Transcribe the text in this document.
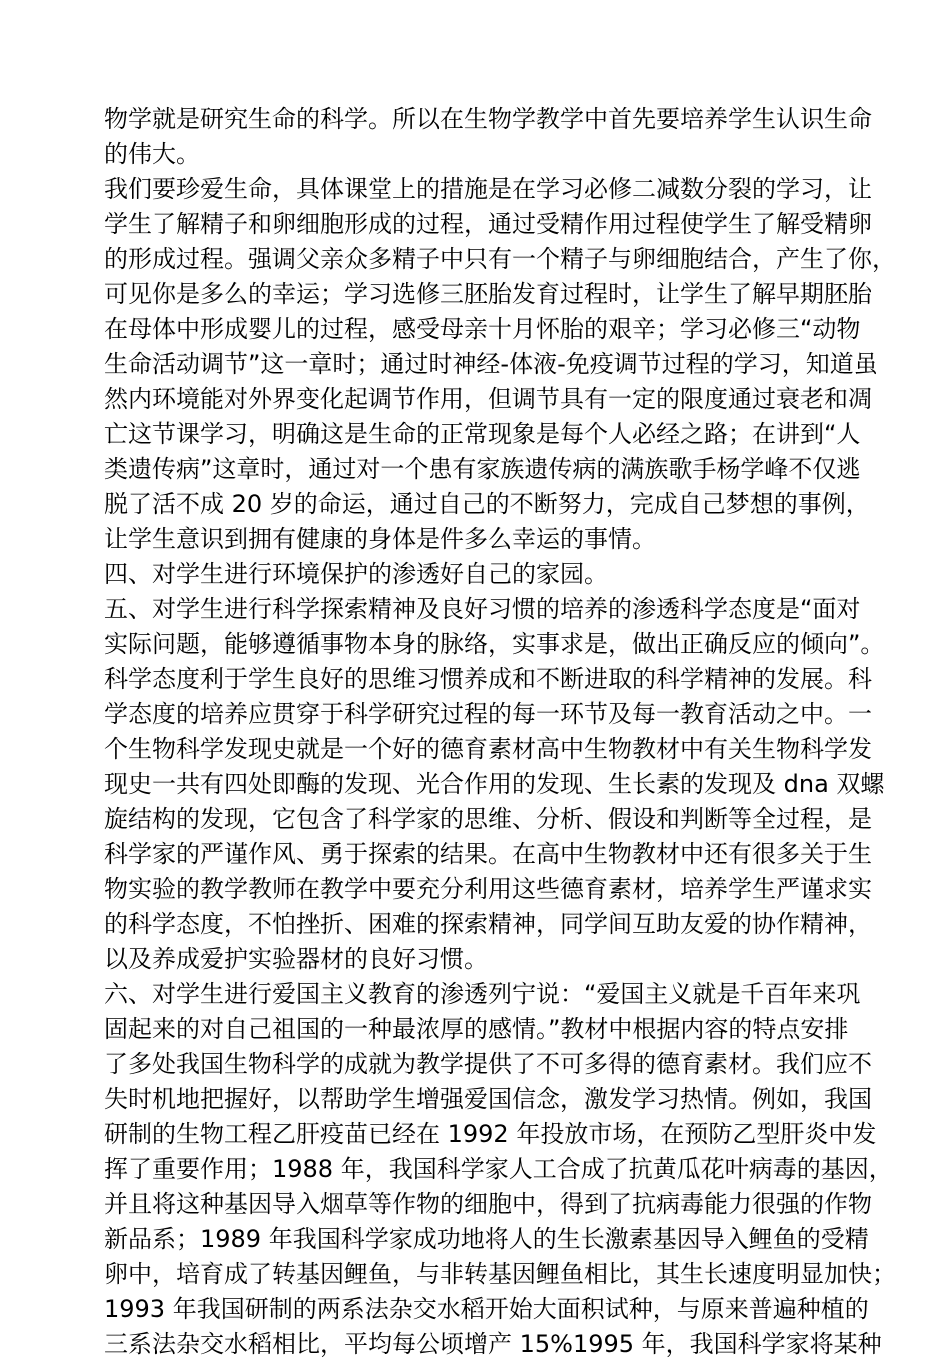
物学就是研究生命的科学。所以在生物学教学中首先要培养学生认识生命
的伟大。
我们要珍爱生命，具体课堂上的措施是在学习必修二减数分裂的学习，让
学生了解精子和卵细胞形成的过程，通过受精作用过程使学生了解受精卵
的形成过程。强调父亲众多精子中只有一个精子与卵细胞结合，产生了你，
可见你是多么的幸运；学习选修三胚胎发育过程时，让学生了解早期胚胎
在母体中形成婴儿的过程，感受母亲十月怀胎的艰辛；学习必修三“动物
生命活动调节”这一章时；通过时神经-体液-免疫调节过程的学习，知道虽
然内环境能对外界变化起调节作用，但调节具有一定的限度通过衰老和凋
亡这节课学习，明确这是生命的正常现象是每个人必经之路；在讲到“人
类遗传病”这章时，通过对一个患有家族遗传病的满族歌手杨学峰不仅逃
脱了活不成 20 岁的命运，通过自己的不断努力，完成自己梦想的事例，
让学生意识到拥有健康的身体是件多么幸运的事情。
四、对学生进行环境保护的渗透好自己的家园。
五、对学生进行科学探索精神及良好习惯的培养的渗透科学态度是“面对
实际问题，能够遵循事物本身的脉络，实事求是，做出正确反应的倾向”。
科学态度利于学生良好的思维习惯养成和不断进取的科学精神的发展。科
学态度的培养应贯穿于科学研究过程的每一环节及每一教育活动之中。一
个生物科学发现史就是一个好的德育素材高中生物教材中有关生物科学发
现史一共有四处即酶的发现、光合作用的发现、生长素的发现及 dna 双螺
旋结构的发现，它包含了科学家的思维、分析、假设和判断等全过程，是
科学家的严谨作风、勇于探索的结果。在高中生物教材中还有很多关于生
物实验的教学教师在教学中要充分利用这些德育素材，培养学生严谨求实
的科学态度，不怕挫折、困难的探索精神，同学间互助友爱的协作精神，
以及养成爱护实验器材的良好习惯。
六、对学生进行爱国主义教育的渗透列宁说：“爱国主义就是千百年来巩
固起来的对自己祖国的一种最浓厚的感情。”教材中根据内容的特点安排
了多处我国生物科学的成就为教学提供了不可多得的德育素材。我们应不
失时机地把握好，以帮助学生增强爱国信念，激发学习热情。例如，我国
研制的生物工程乙肝疫苗已经在 1992 年投放市场，在预防乙型肝炎中发
挥了重要作用；1988 年，我国科学家人工合成了抗黄瓜花叶病毒的基因，
并且将这种基因导入烟草等作物的细胞中，得到了抗病毒能力很强的作物
新品系；1989 年我国科学家成功地将人的生长激素基因导入鲤鱼的受精
卵中，培育成了转基因鲤鱼，与非转基因鲤鱼相比，其生长速度明显加快；
1993 年我国研制的两系法杂交水稻开始大面积试种，与原来普遍种植的
三系法杂交水稻相比，平均每公顷增产 15%1995 年，我国科学家将某种
